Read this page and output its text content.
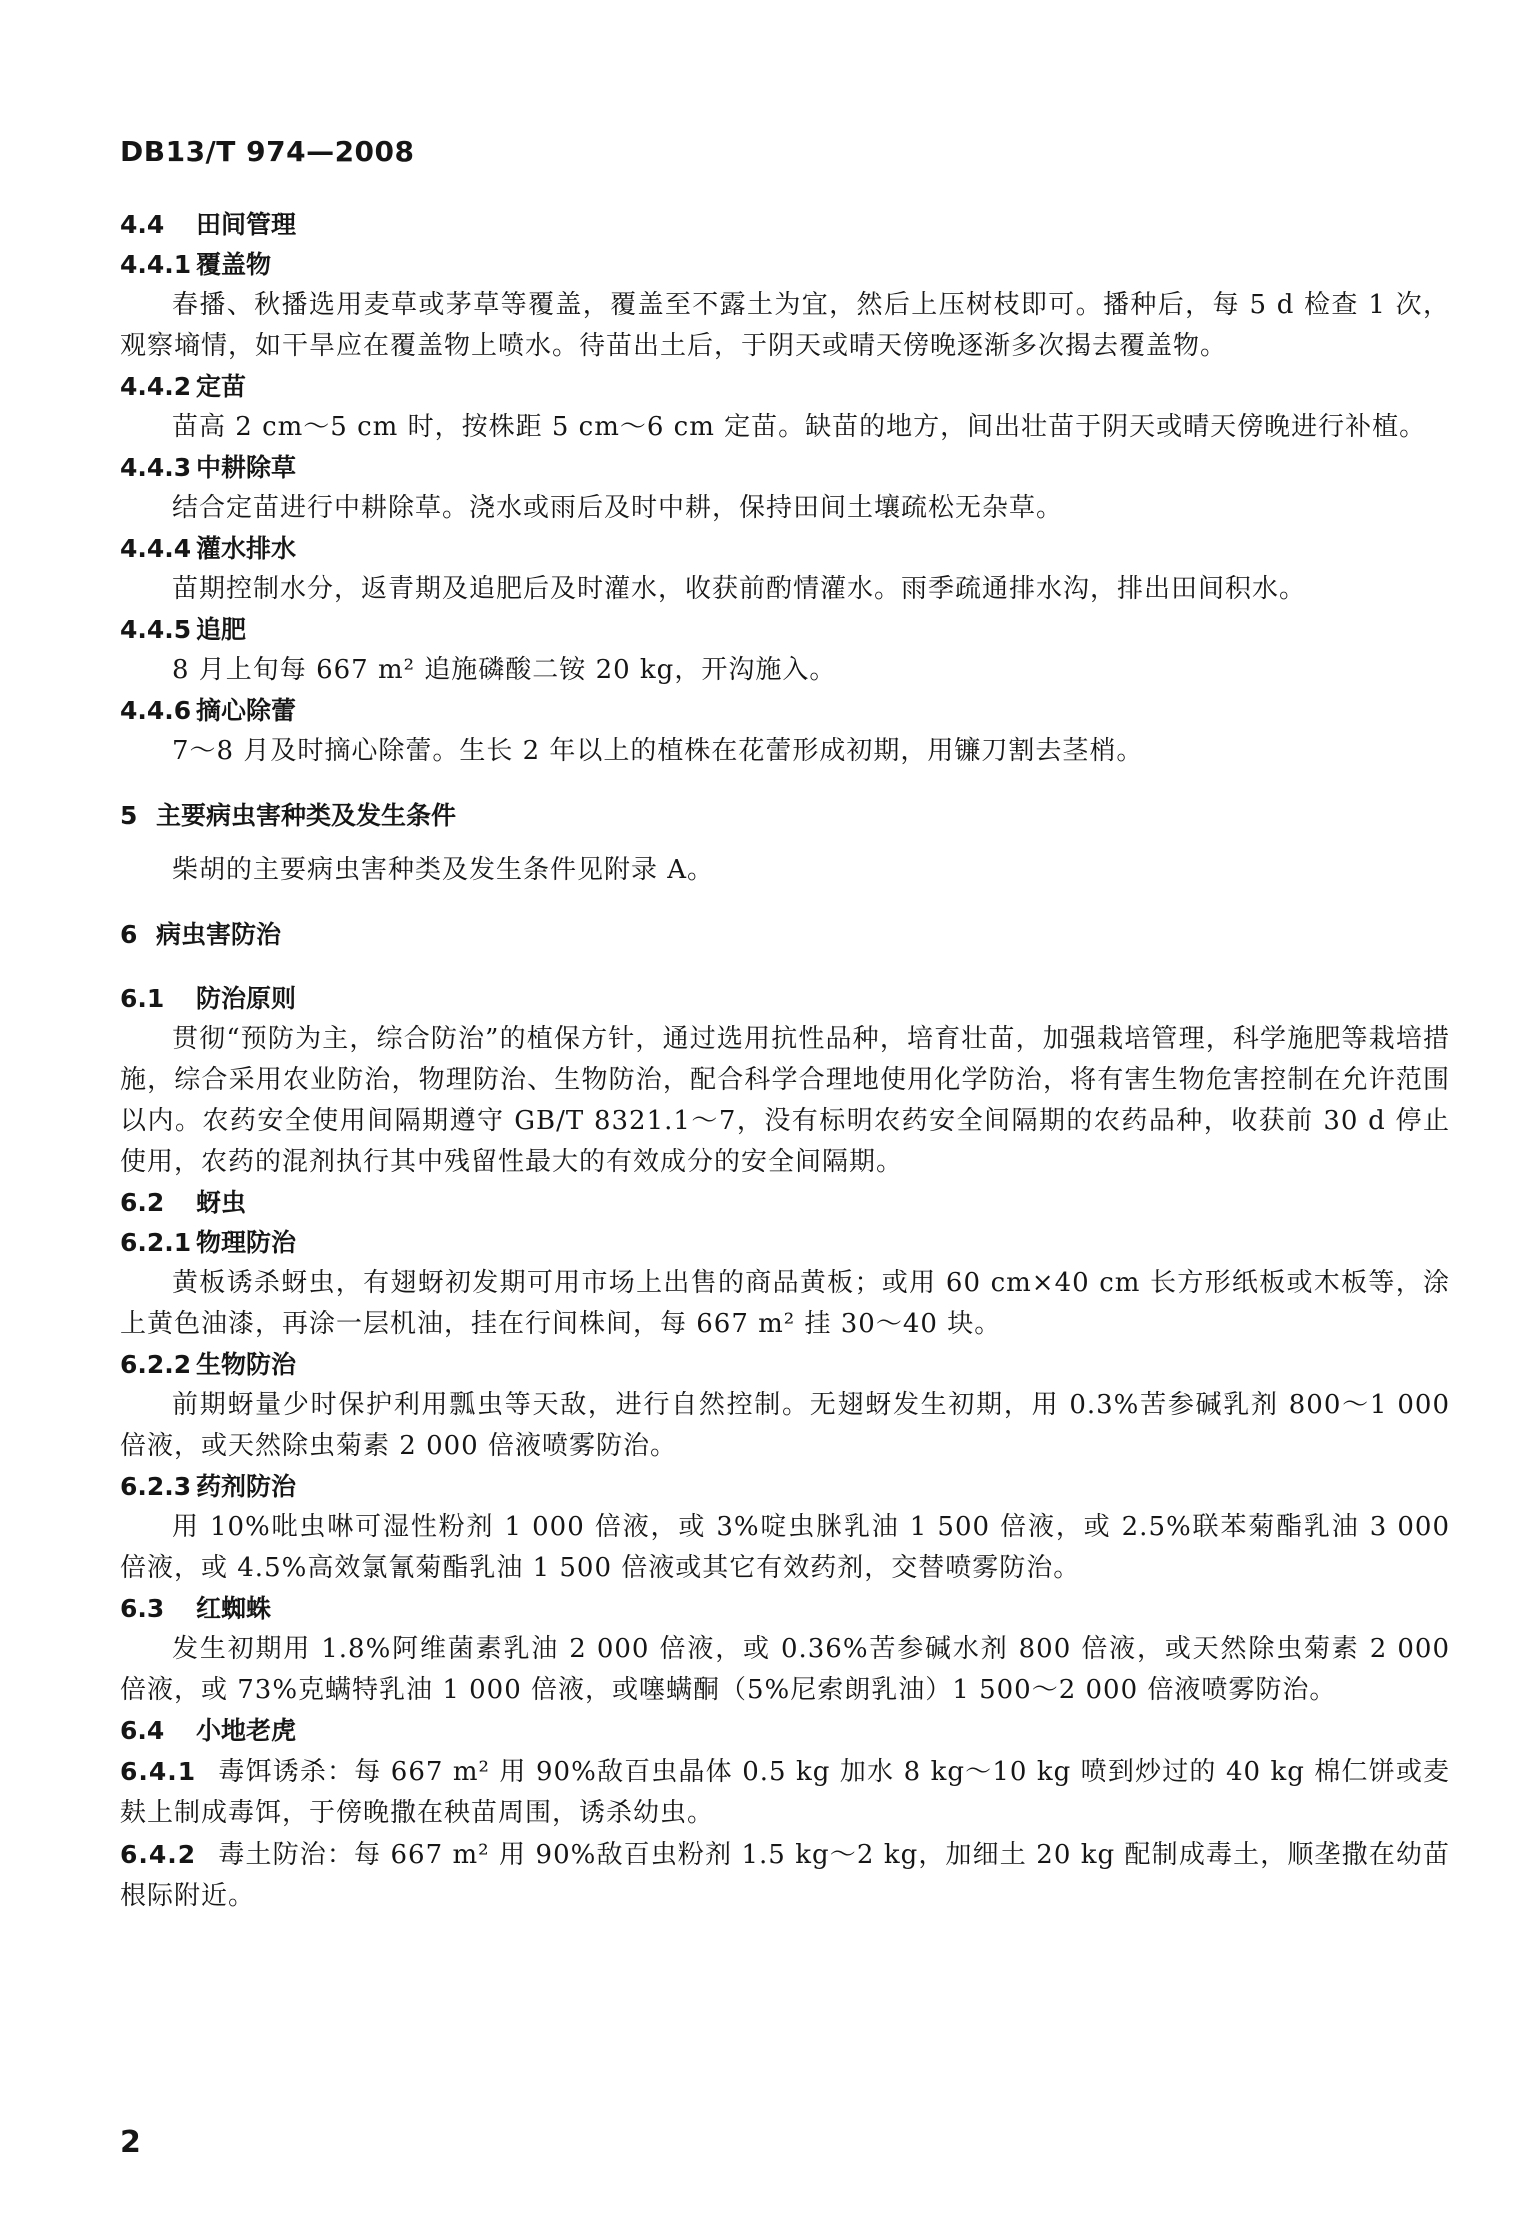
DB13/T 974—2008
4.4 田间管理
4.4.1 覆盖物
春播、秋播选用麦草或茅草等覆盖，覆盖至不露土为宜，然后上压树枝即可。播种后，每 5 d 检查 1 次，观察墒情，如干旱应在覆盖物上喷水。待苗出土后，于阴天或晴天傍晚逐渐多次揭去覆盖物。
4.4.2 定苗
苗高 2 cm～5 cm 时，按株距 5 cm～6 cm 定苗。缺苗的地方，间出壮苗于阴天或晴天傍晚进行补植。
4.4.3 中耕除草
结合定苗进行中耕除草。浇水或雨后及时中耕，保持田间土壤疏松无杂草。
4.4.4 灌水排水
苗期控制水分，返青期及追肥后及时灌水，收获前酌情灌水。雨季疏通排水沟，排出田间积水。
4.4.5 追肥
8 月上旬每 667 m² 追施磷酸二铵 20 kg，开沟施入。
4.4.6 摘心除蕾
7～8 月及时摘心除蕾。生长 2 年以上的植株在花蕾形成初期，用镰刀割去茎梢。
5 主要病虫害种类及发生条件
柴胡的主要病虫害种类及发生条件见附录 A。
6 病虫害防治
6.1 防治原则
贯彻“预防为主，综合防治”的植保方针，通过选用抗性品种，培育壮苗，加强栽培管理，科学施肥等栽培措施，综合采用农业防治，物理防治、生物防治，配合科学合理地使用化学防治，将有害生物危害控制在允许范围以内。农药安全使用间隔期遵守 GB/T 8321.1～7，没有标明农药安全间隔期的农药品种，收获前 30 d 停止使用，农药的混剂执行其中残留性最大的有效成分的安全间隔期。
6.2 蚜虫
6.2.1 物理防治
黄板诱杀蚜虫，有翅蚜初发期可用市场上出售的商品黄板；或用 60 cm×40 cm 长方形纸板或木板等，涂上黄色油漆，再涂一层机油，挂在行间株间，每 667 m² 挂 30～40 块。
6.2.2 生物防治
前期蚜量少时保护利用瓢虫等天敌，进行自然控制。无翅蚜发生初期，用 0.3%苦参碱乳剂 800～1 000 倍液，或天然除虫菊素 2 000 倍液喷雾防治。
6.2.3 药剂防治
用 10%吡虫啉可湿性粉剂 1 000 倍液，或 3%啶虫脒乳油 1 500 倍液，或 2.5%联苯菊酯乳油 3 000 倍液，或 4.5%高效氯氰菊酯乳油 1 500 倍液或其它有效药剂，交替喷雾防治。
6.3 红蜘蛛
发生初期用 1.8%阿维菌素乳油 2 000 倍液，或 0.36%苦参碱水剂 800 倍液，或天然除虫菊素 2 000 倍液，或 73%克螨特乳油 1 000 倍液，或噻螨酮（5%尼索朗乳油）1 500～2 000 倍液喷雾防治。
6.4 小地老虎
6.4.1 毒饵诱杀：每 667 m² 用 90%敌百虫晶体 0.5 kg 加水 8 kg～10 kg 喷到炒过的 40 kg 棉仁饼或麦麸上制成毒饵，于傍晚撒在秧苗周围，诱杀幼虫。
6.4.2 毒土防治：每 667 m² 用 90%敌百虫粉剂 1.5 kg～2 kg，加细土 20 kg 配制成毒土，顺垄撒在幼苗根际附近。
2
